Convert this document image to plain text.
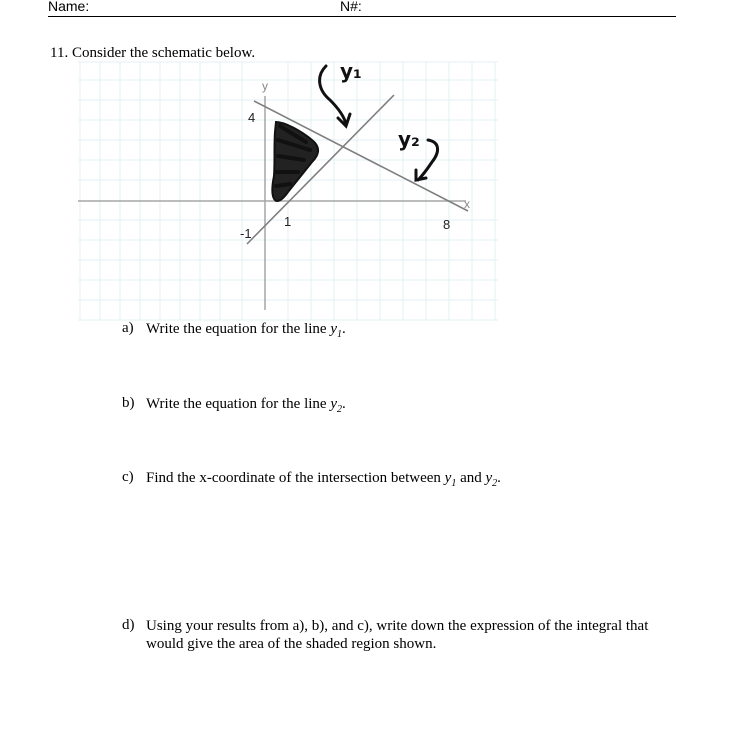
Name:	N#:
11. Consider the schematic below.
y
x
4
1
-1
8
y₁
y₂
a) Write the equation for the line $y_1$.
b) Write the equation for the line $y_2$.
c) Find the x-coordinate of the intersection between $y_1$ and $y_2$.
d) Using your results from a), b), and c), write down the expression of the integral that would give the area of the shaded region shown.
